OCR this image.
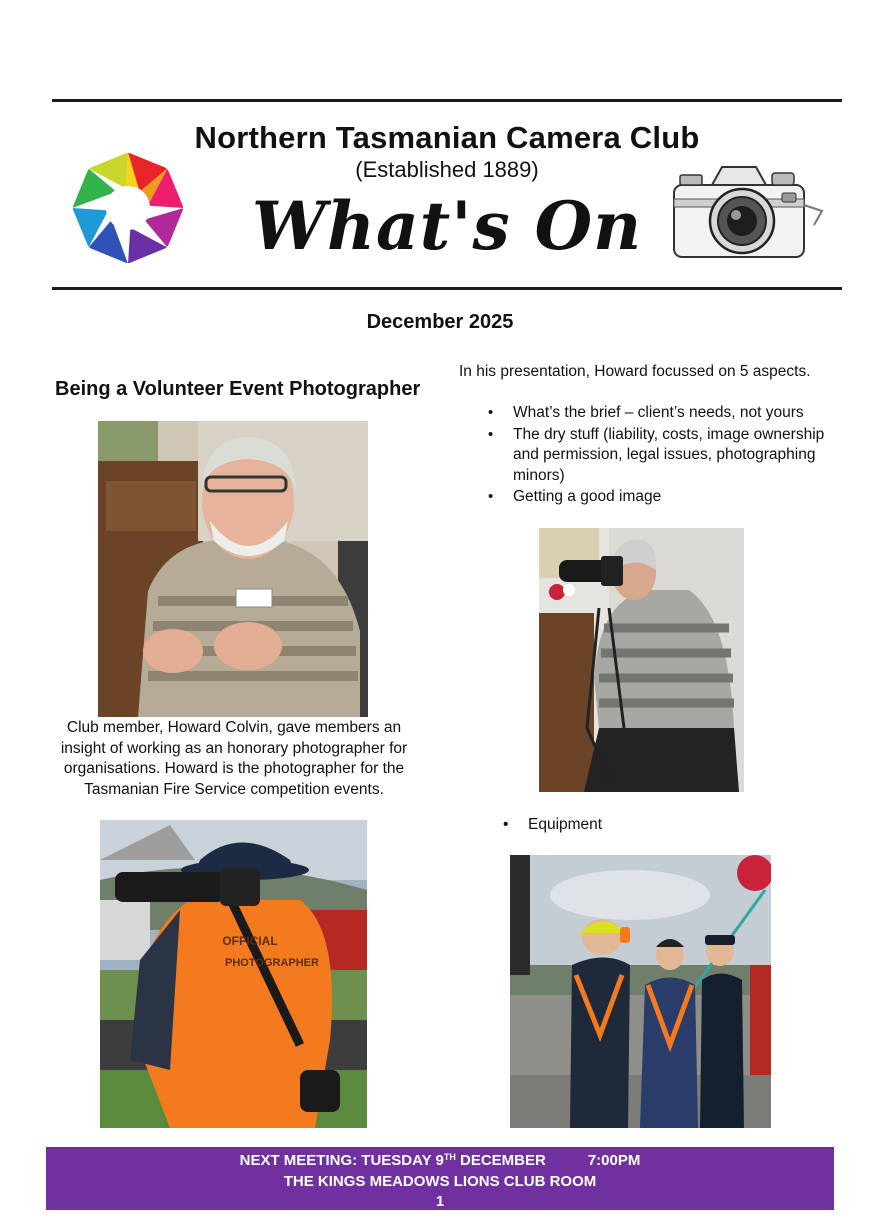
Northern Tasmanian Camera Club
(Established 1889)
What's On
December 2025
Being a Volunteer Event Photographer
Club member, Howard Colvin, gave members an insight of working as an honorary photographer for organisations. Howard is the photographer for the Tasmanian Fire Service competition events.
OFFICIAL
PHOTOGRAPHER
In his presentation, Howard focussed on 5 aspects.
• What’s the brief – client’s needs, not yours
• The dry stuff (liability, costs, image ownership and permission, legal issues, photographing minors)
• Getting a good image
• Equipment
NEXT MEETING: TUESDAY 9TH DECEMBER	7:00PM
THE KINGS MEADOWS LIONS CLUB ROOM
1
